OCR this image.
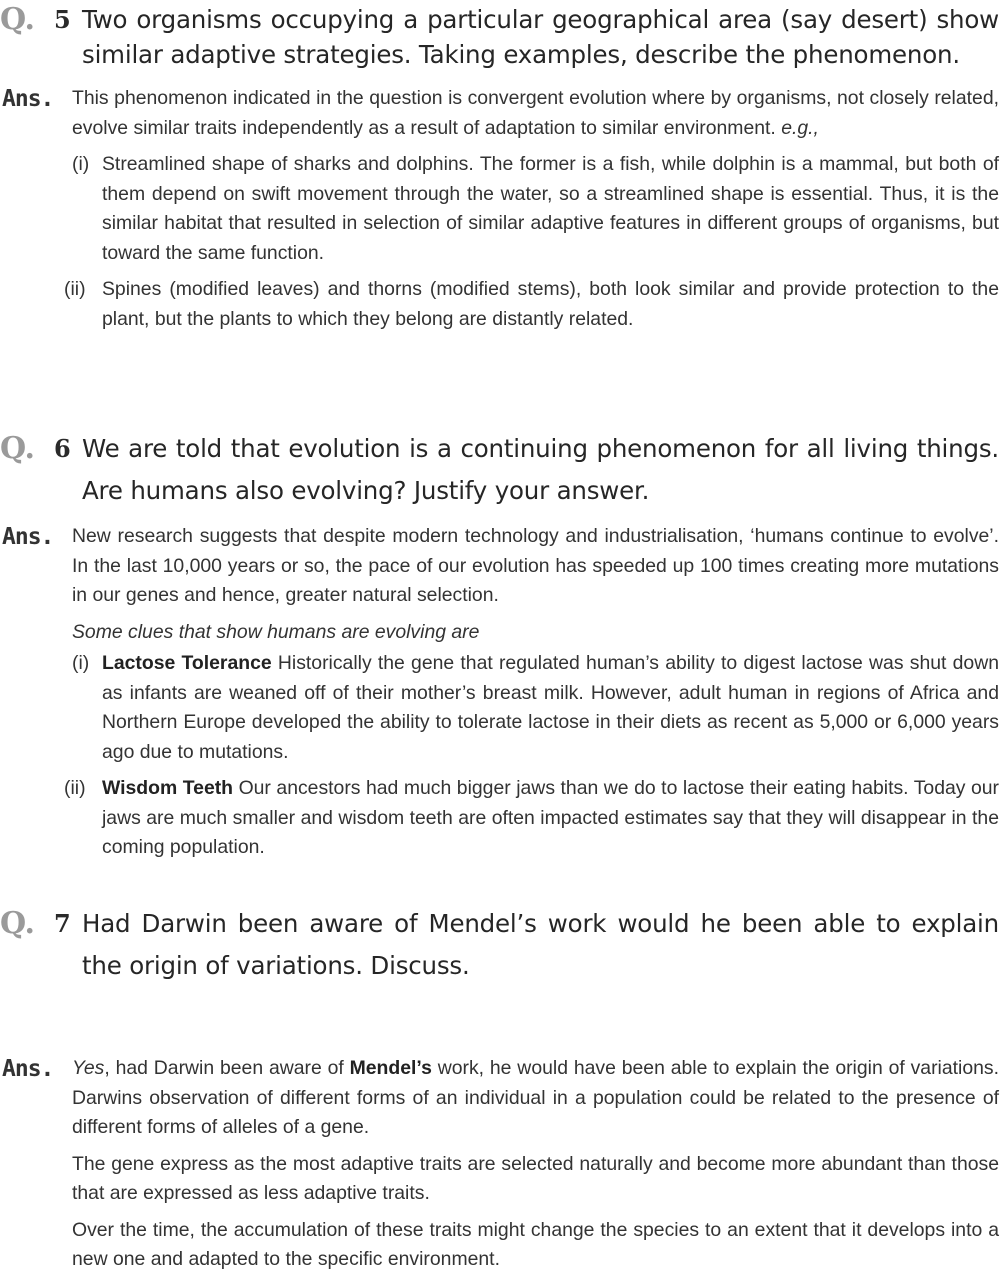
Q. 5 Two organisms occupying a particular geographical area (say desert) show similar adaptive strategies. Taking examples, describe the phenomenon.
Ans. This phenomenon indicated in the question is convergent evolution where by organisms, not closely related, evolve similar traits independently as a result of adaptation to similar environment. e.g.,

(i) Streamlined shape of sharks and dolphins. The former is a fish, while dolphin is a mammal, but both of them depend on swift movement through the water, so a streamlined shape is essential. Thus, it is the similar habitat that resulted in selection of similar adaptive features in different groups of organisms, but toward the same function.
(ii) Spines (modified leaves) and thorns (modified stems), both look similar and provide protection to the plant, but the plants to which they belong are distantly related.
Q. 6 We are told that evolution is a continuing phenomenon for all living things. Are humans also evolving? Justify your answer.
Ans. New research suggests that despite modern technology and industrialisation, ‘humans continue to evolve’. In the last 10,000 years or so, the pace of our evolution has speeded up 100 times creating more mutations in our genes and hence, greater natural selection.

Some clues that show humans are evolving are

(i) Lactose Tolerance Historically the gene that regulated human’s ability to digest lactose was shut down as infants are weaned off of their mother’s breast milk. However, adult human in regions of Africa and Northern Europe developed the ability to tolerate lactose in their diets as recent as 5,000 or 6,000 years ago due to mutations.
(ii) Wisdom Teeth Our ancestors had much bigger jaws than we do to lactose their eating habits. Today our jaws are much smaller and wisdom teeth are often impacted estimates say that they will disappear in the coming population.
Q. 7 Had Darwin been aware of Mendel’s work would he been able to explain the origin of variations. Discuss.
Ans. Yes, had Darwin been aware of Mendel’s work, he would have been able to explain the origin of variations. Darwins observation of different forms of an individual in a population could be related to the presence of different forms of alleles of a gene.

The gene express as the most adaptive traits are selected naturally and become more abundant than those that are expressed as less adaptive traits.

Over the time, the accumulation of these traits might change the species to an extent that it develops into a new one and adapted to the specific environment.
